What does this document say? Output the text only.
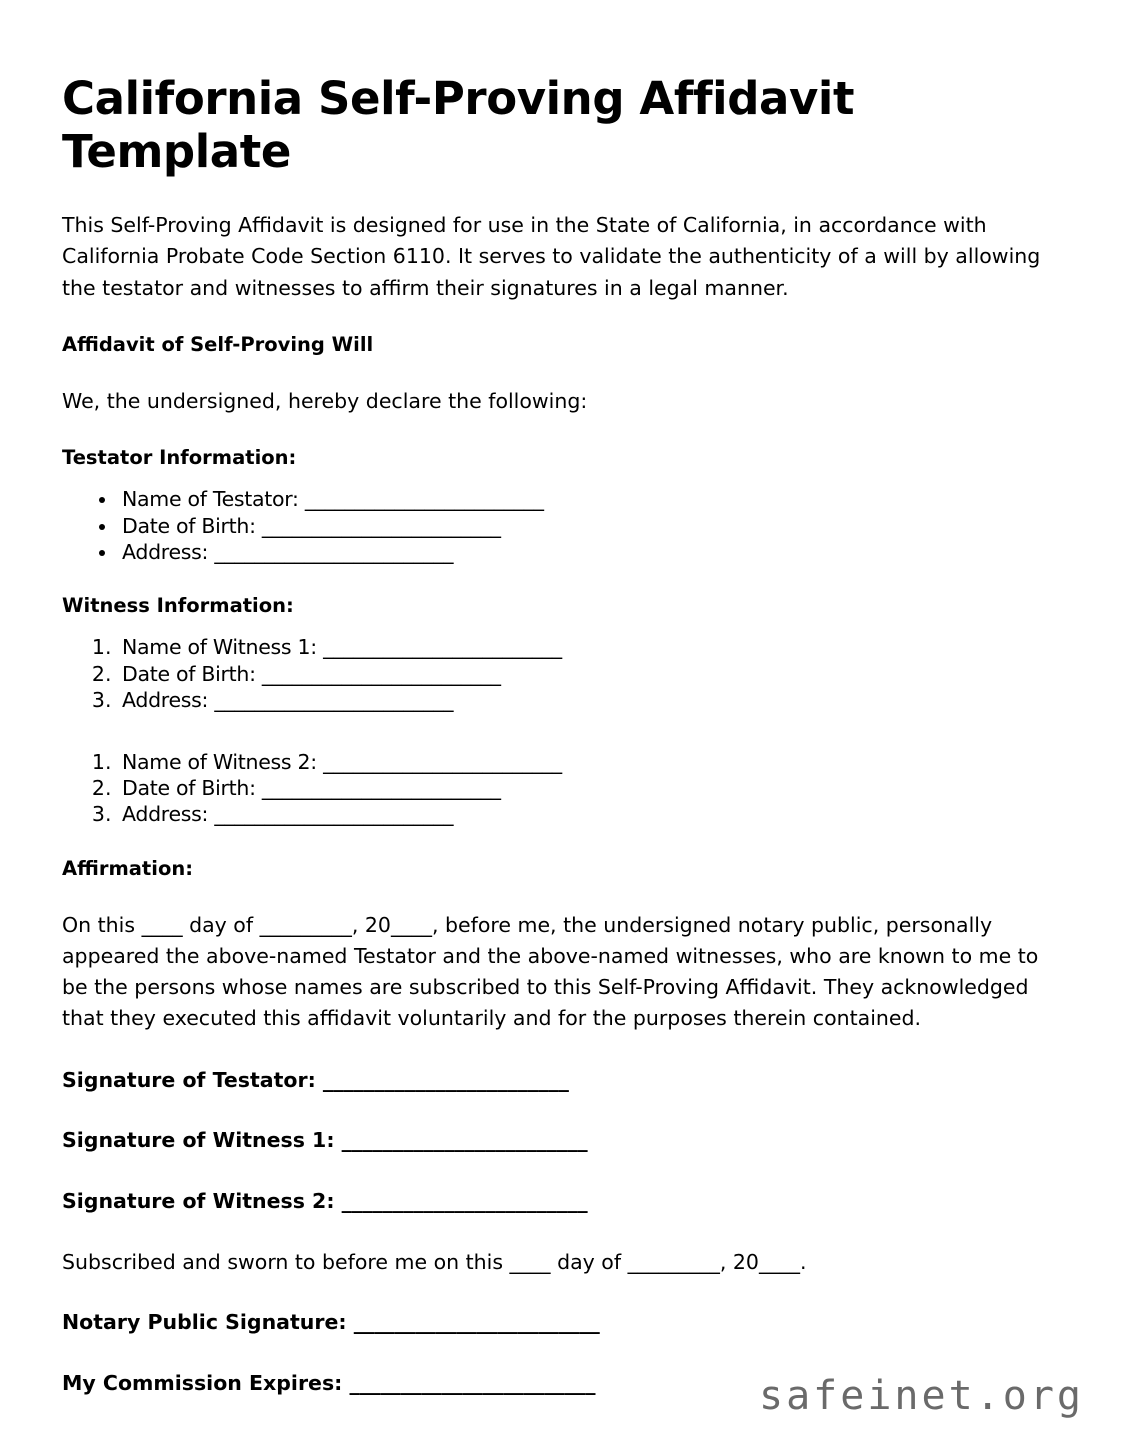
California Self-Proving Affidavit Template

This Self-Proving Affidavit is designed for use in the State of California, in accordance with California Probate Code Section 6110. It serves to validate the authenticity of a will by allowing the testator and witnesses to affirm their signatures in a legal manner.

Affidavit of Self-Proving Will

We, the undersigned, hereby declare the following:

Testator Information:

• Name of Testator: ________________________
• Date of Birth: ________________________
• Address: ________________________

Witness Information:

1. Name of Witness 1: ________________________
2. Date of Birth: ________________________
3. Address: ________________________
1. Name of Witness 2: ________________________
2. Date of Birth: ________________________
3. Address: ________________________

Affirmation:

On this ____ day of _________, 20____, before me, the undersigned notary public, personally appeared the above-named Testator and the above-named witnesses, who are known to me to be the persons whose names are subscribed to this Self-Proving Affidavit. They acknowledged that they executed this affidavit voluntarily and for the purposes therein contained.

Signature of Testator: ________________________

Signature of Witness 1: ________________________

Signature of Witness 2: ________________________

Subscribed and sworn to before me on this ____ day of _________, 20____.

Notary Public Signature: ________________________

My Commission Expires: ________________________	safeinet.org
